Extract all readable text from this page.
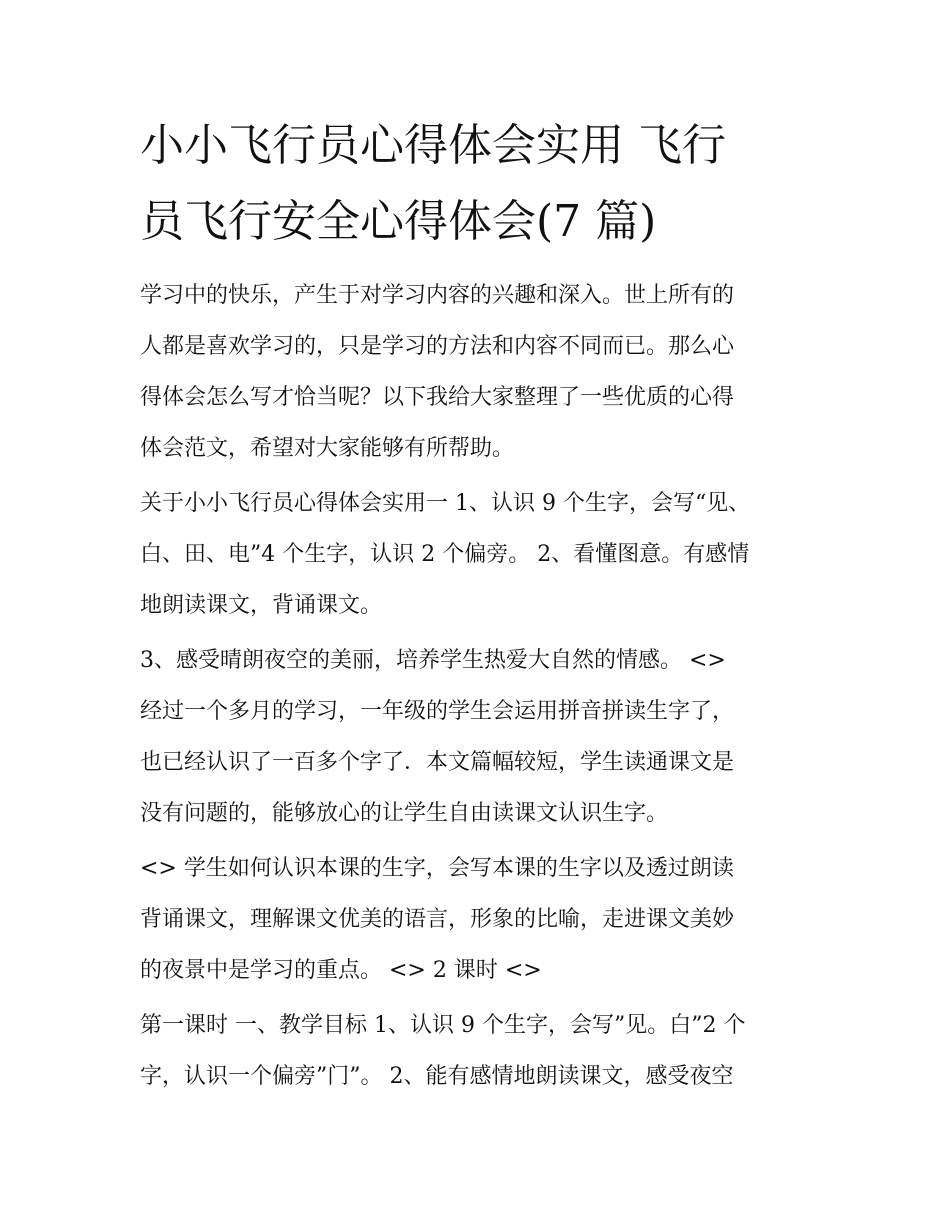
小小飞行员心得体会实用 飞行
员飞行安全心得体会(7 篇)

学习中的快乐，产生于对学习内容的兴趣和深入。世上所有的
人都是喜欢学习的，只是学习的方法和内容不同而已。那么心
得体会怎么写才恰当呢？以下我给大家整理了一些优质的心得
体会范文，希望对大家能够有所帮助。

关于小小飞行员心得体会实用一 1、认识 9 个生字，会写“见、
白、田、电”4 个生字，认识 2 个偏旁。 2、看懂图意。有感情
地朗读课文，背诵课文。

3、感受晴朗夜空的美丽，培养学生热爱大自然的情感。 <>
经过一个多月的学习，一年级的学生会运用拼音拼读生字了，
也已经认识了一百多个字了．本文篇幅较短，学生读通课文是
没有问题的，能够放心的让学生自由读课文认识生字。

<> 学生如何认识本课的生字，会写本课的生字以及透过朗读
背诵课文，理解课文优美的语言，形象的比喻，走进课文美妙
的夜景中是学习的重点。 <> 2 课时 <>

第一课时 一、教学目标 1、认识 9 个生字，会写”见。白”2 个
字，认识一个偏旁”门”。 2、能有感情地朗读课文，感受夜空
